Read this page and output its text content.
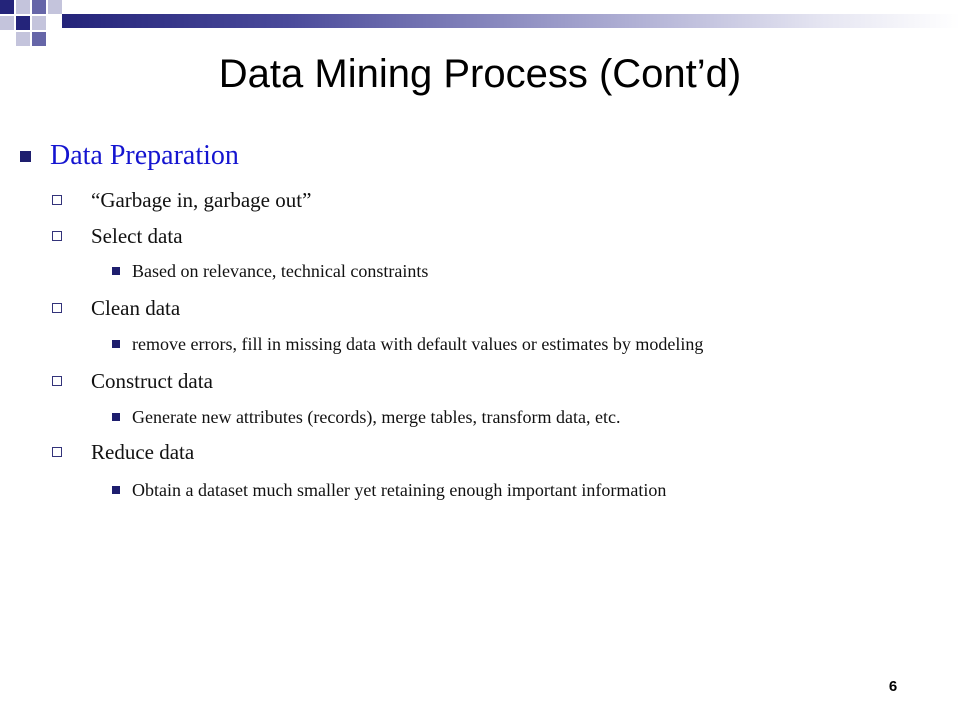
Data Mining Process (Cont’d)
Data Preparation
“Garbage in, garbage out”
Select data
Based on relevance, technical constraints
Clean data
remove errors, fill in missing data with default values or estimates by modeling
Construct data
Generate new attributes (records), merge tables, transform data, etc.
Reduce data
Obtain a dataset much smaller yet retaining enough important information
6
